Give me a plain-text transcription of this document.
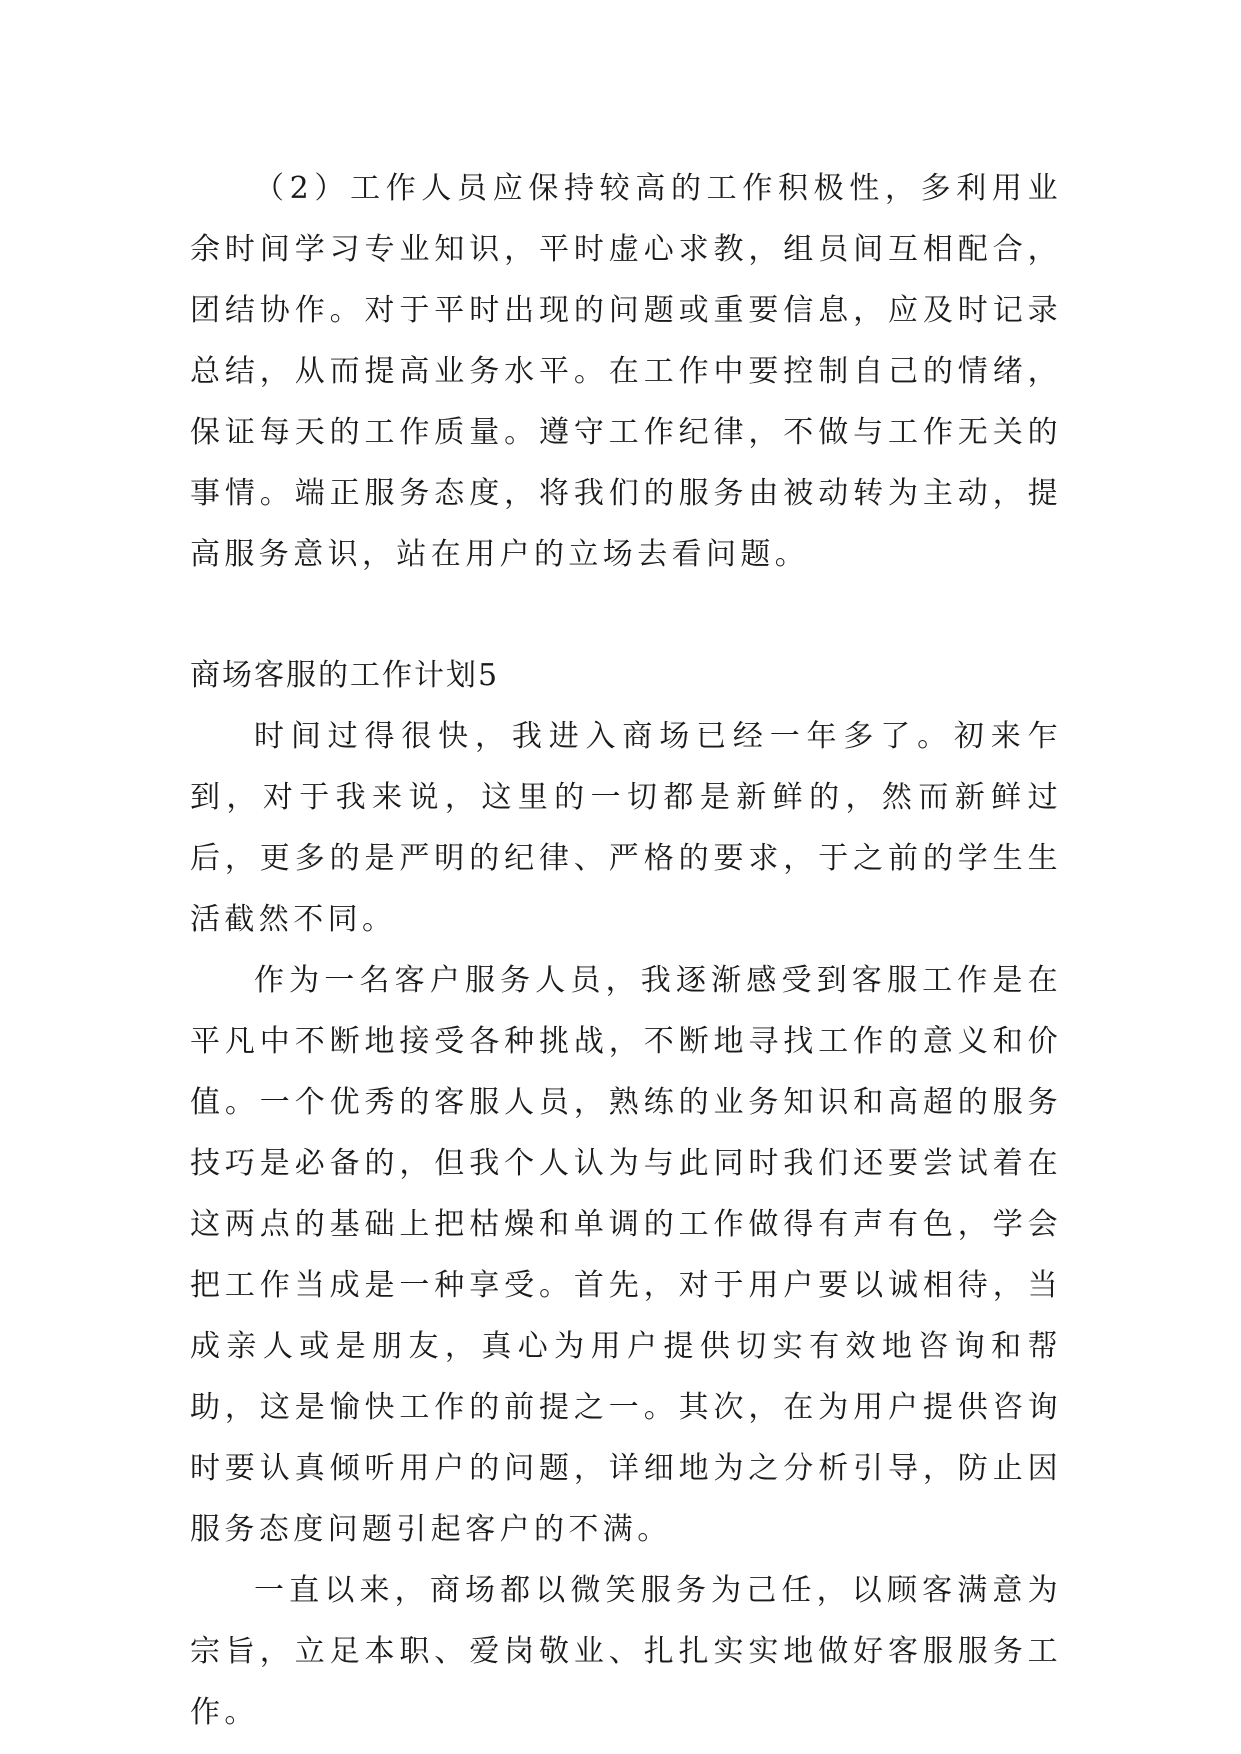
（2）工作人员应保持较高的工作积极性，多利用业余时间学习专业知识，平时虚心求教，组员间互相配合，团结协作。对于平时出现的问题或重要信息，应及时记录总结，从而提高业务水平。在工作中要控制自己的情绪，保证每天的工作质量。遵守工作纪律，不做与工作无关的事情。端正服务态度，将我们的服务由被动转为主动，提高服务意识，站在用户的立场去看问题。

商场客服的工作计划5

时间过得很快，我进入商场已经一年多了。初来乍到，对于我来说，这里的一切都是新鲜的，然而新鲜过后，更多的是严明的纪律、严格的要求，于之前的学生生活截然不同。

作为一名客户服务人员，我逐渐感受到客服工作是在平凡中不断地接受各种挑战，不断地寻找工作的意义和价值。一个优秀的客服人员，熟练的业务知识和高超的服务技巧是必备的，但我个人认为与此同时我们还要尝试着在这两点的基础上把枯燥和单调的工作做得有声有色，学会把工作当成是一种享受。首先，对于用户要以诚相待，当成亲人或是朋友，真心为用户提供切实有效地咨询和帮助，这是愉快工作的前提之一。其次，在为用户提供咨询时要认真倾听用户的问题，详细地为之分析引导，防止因服务态度问题引起客户的不满。

一直以来，商场都以微笑服务为己任，以顾客满意为宗旨，立足本职、爱岗敬业、扎扎实实地做好客服服务工作。
